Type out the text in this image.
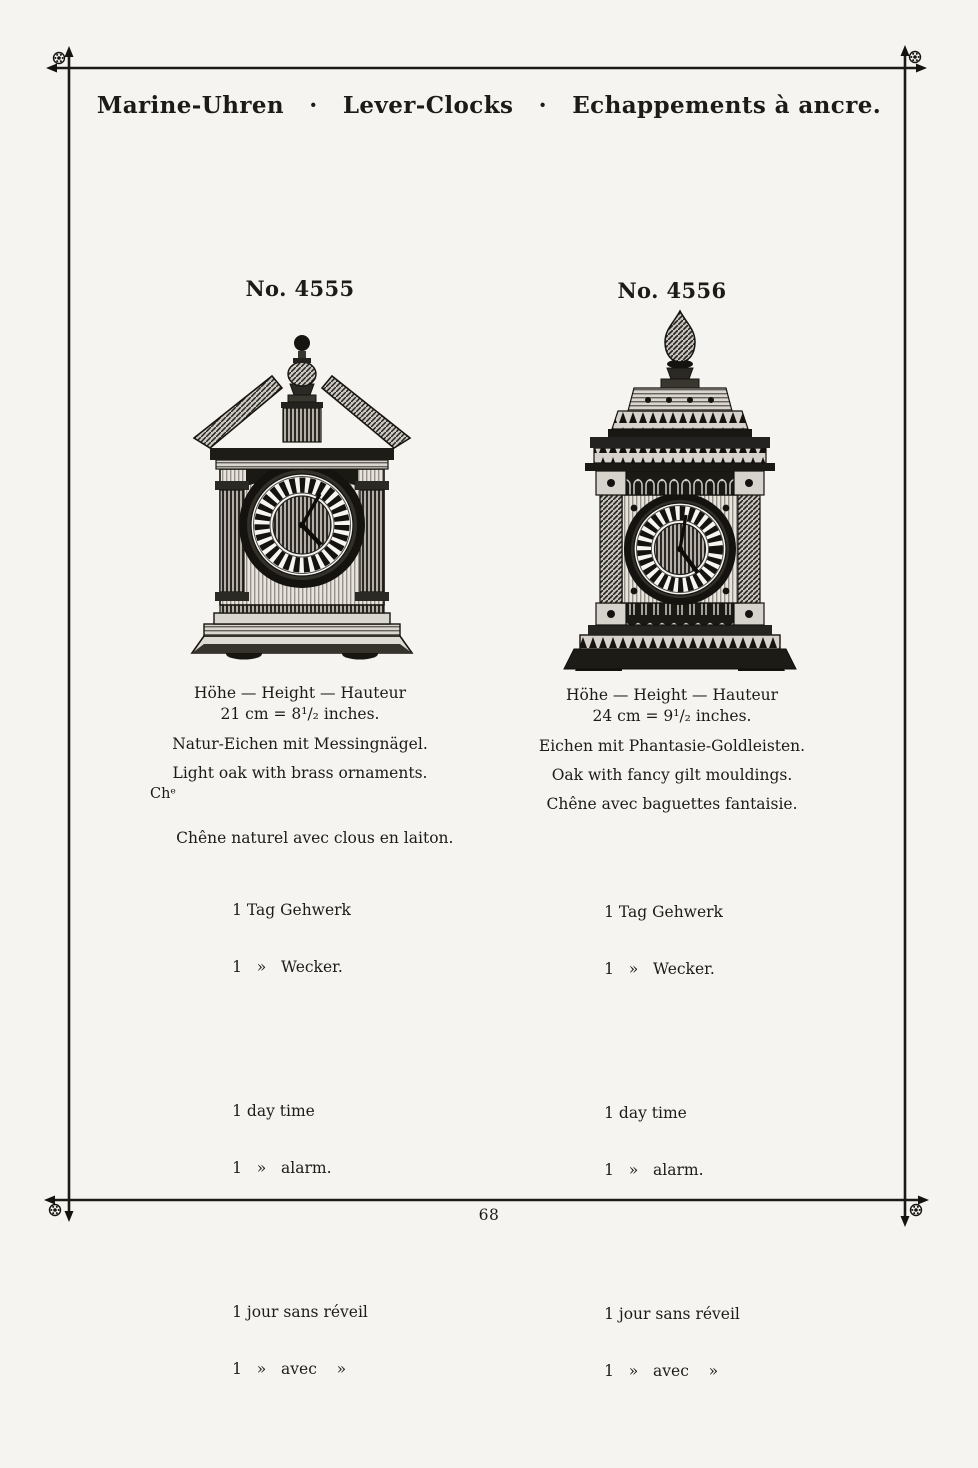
Marine-Uhren   ·   Lever-Clocks   ·   Echappements à ancre.
No. 4555
Höhe — Height — Hauteur
21 cm = 8¹/₂ inches.
Natur-Eichen mit Messingnägel.
Light oak with brass ornaments.

Chᵉ

Chêne naturel avec clous en laiton.

1 Tag Gehwerk

1   »   Wecker.

1 day time

1   »   alarm.

1 jour sans réveil

1   »   avec    »

No. 4556
Höhe — Height — Hauteur
24 cm = 9¹/₂ inches.
Eichen mit Phantasie-Goldleisten.
Oak with fancy gilt mouldings.
Chêne avec baguettes fantaisie.

1 Tag Gehwerk

1   »   Wecker.

1 day time

1   »   alarm.

1 jour sans réveil

1   »   avec    »

68
